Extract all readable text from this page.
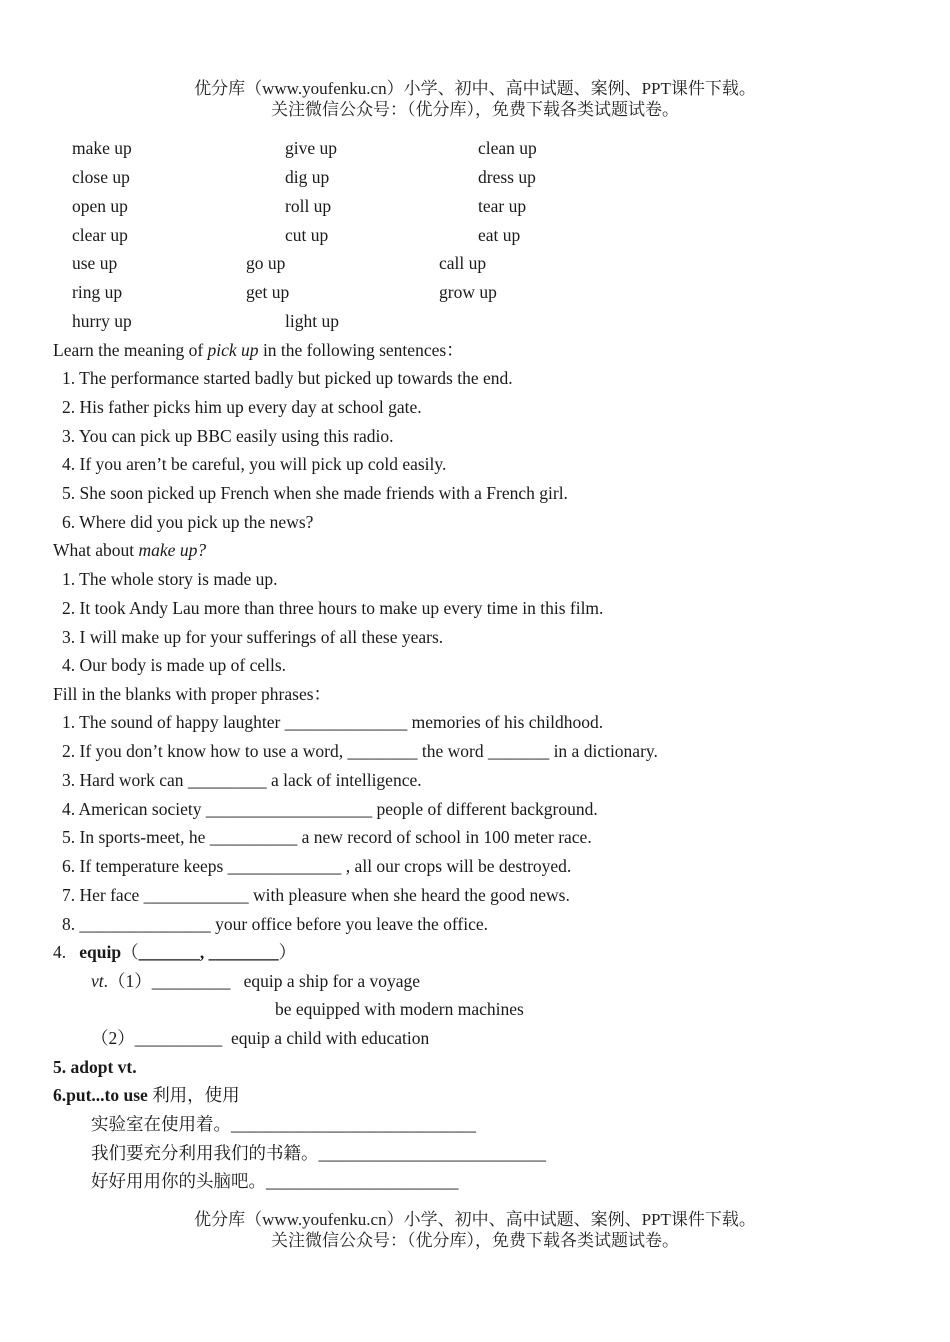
优分库（www.youfenku.cn）小学、初中、高中试题、案例、PPT课件下载。
关注微信公众号：（优分库），免费下载各类试题试卷。
make up	give up	clean up
close up	dig up	dress up
open up	roll up	tear up
clear up	cut up	eat up
use up	go up	call up
ring up	get up	grow up
hurry up	light up
Learn the meaning of pick up in the following sentences：
1. The performance started badly but picked up towards the end.
2. His father picks him up every day at school gate.
3. You can pick up BBC easily using this radio.
4. If you aren’t be careful, you will pick up cold easily.
5. She soon picked up French when she made friends with a French girl.
6. Where did you pick up the news?
What about make up?
1. The whole story is made up.
2. It took Andy Lau more than three hours to make up every time in this film.
3. I will make up for your sufferings of all these years.
4. Our body is made up of cells.
Fill in the blanks with proper phrases：
1. The sound of happy laughter ______________ memories of his childhood.
2. If you don’t know how to use a word, ________ the word _______ in a dictionary.
3. Hard work can _________ a lack of intelligence.
4. American society ___________________ people of different background.
5. In sports-meet, he __________ a new record of school in 100 meter race.
6. If temperature keeps _____________ , all our crops will be destroyed.
7. Her face ____________ with pleasure when she heard the good news.
8. _______________ your office before you leave the office.
4. equip（_______, ________）
vt.（1）_________   equip a ship for a voyage
be equipped with modern machines
（2）__________  equip a child with education
5. adopt vt.
6.put...to use 利用，使用
实验室在使用着。____________________________
我们要充分利用我们的书籍。__________________________
好好用用你的头脑吧。______________________
优分库（www.youfenku.cn）小学、初中、高中试题、案例、PPT课件下载。
关注微信公众号：（优分库），免费下载各类试题试卷。
